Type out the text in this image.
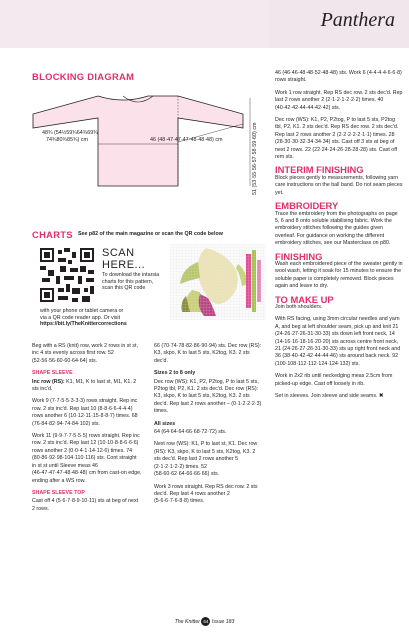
Panthera
BLOCKING DIAGRAM
48¾ (54½59¾64¾69¾
74¾80¾85¾) cm	46 (48·47·47·47·48·48·48) cm	51 (53·55·56·57·58·59·60) cm
CHARTS See p82 of the main magazine or scan the QR code below
SCAN
HERE...
To download the intarsia charts for this pattern, scan this QR code
with your phone or tablet camera or
via a QR code reader app. Or visit
https://bit.ly/TheKnittercorrections

Beg with a RS (knit) row, work 2 rows in st st, inc 4 sts evenly across first row. 52 (52·56·56·60·60·64·64) sts.

SHAPE SLEEVE

Inc row (RS): K1, M1, K to last st, M1, K1. 2 sts inc'd.

Work 9 (7·7·5·5·3·3·3) rows straight. Rep inc row. 2 sts inc'd. Rep last 10 (8·8·6·6·4·4·4) rows another 6 (10·12·11·15·8·8·7) times. 68 (76·84·82·94·74·84·102) sts.

Work 11 (9·9·7·7·5·5·5) rows straight. Rep inc row. 2 sts inc'd. Rep last 12 (10·10·8·8·6·6·6) rows another 2 (0·0·4·1·14·12·6) times. 74 (80·86·92·98·104·110·116) sts. Cont straight in st st until Sleeve meas 46 (46·47·47·47·48·48·48) cm from cast-on edge, ending after a WS row.

SHAPE SLEEVE TOP

Cast off 4 (5·6·7·8·9·10·11) sts at beg of next 2 rows.

66 (70·74·78·82·86·90·94) sts. Dec row (RS): K3, skpo, K to last 5 sts, K2tog, K3. 2 sts dec'd.

Sizes 2 to 8 only

Dec row (WS): K1, P2, P2tog, P to last 5 sts, P2tog tbl, P2, K1. 2 sts dec'd. Dec row (RS): K3, skpo, K to last 5 sts, K2tog, K3. 2 sts dec'd. Rep last 2 rows another – (0·1·2·2·2·3) times.

All sizes

64 (64·64·64·66·68·72·72) sts.

Next row (WS): K1, P to last st, K1. Dec row (RS): K3, skpo, K to last 5 sts, K2tog, K3. 2 sts dec'd. Rep last 2 rows another 5 (2·1·2·1·2·2) times. 52 (58·60·62·64·66·66·66) sts.

Work 3 rows straight. Rep RS dec row. 2 sts dec'd. Rep last 4 rows another 2 (5·6·6·7·6·8·8) times.

46 (46·46·48·48·52·48·48) sts. Work 6 (4·4·4·4·6·6·8) rows straight.

Work 1 row straight. Rep RS dec row. 2 sts dec'd. Rep last 2 rows another 2 (2·1·2·1·2·2·2) times. 40 (40·42·42·44·44·42·42) sts.

Dec row (WS): K1, P2, P2tog, P to last 5 sts, P2tog tbl, P2, K1. 2 sts dec'd. Rep RS dec row. 2 sts dec'd. Rep last 2 rows another 2 (2·2·2·2·2·1·1) times. 28 (28·30·30·32·34·34·34) sts. Cast off 3 sts at beg of next 2 rows. 22 (22·24·24·26·28·28·28) sts. Cast off rem sts.

INTERIM FINISHING

Block pieces gently to measurements, following yarn care instructions on the ball band. Do not seam pieces yet.

EMBROIDERY

Trace the embroidery from the photographs on page 5, 6 and 8 onto soluble stabilising fabric. Work the embroidery stitches following the guides given overleaf. For guidance on working the different embroidery stitches, see our Masterclass on p80.

FINISHING

Wash each embroidered piece of the sweater gently in wool wash, letting it soak for 15 minutes to ensure the soluble paper is completely removed. Block pieces again and leave to dry.

TO MAKE UP

Join both shoulders.

With RS facing, using 3mm circular needles and yarn A, and beg at left shoulder seam, pick up and knit 21 (24·26·27·26·31·30·33) sts down left front neck, 14 (14·16·16·18·16·20·20) sts across centre front neck, 21 (24·26·27·26·31·30·33) sts up right front neck and 36 (38·40·42·42·44·44·46) sts around back neck. 92 (100·108·112·112·124·124·132) sts.

Work in 2x2 rib until neckedging meas 2.5cm from picked-up edge. Cast off loosely in rib.

Set in sleeves. Join sleeve and side seams. ✖

The Knitter 64 Issue 183
